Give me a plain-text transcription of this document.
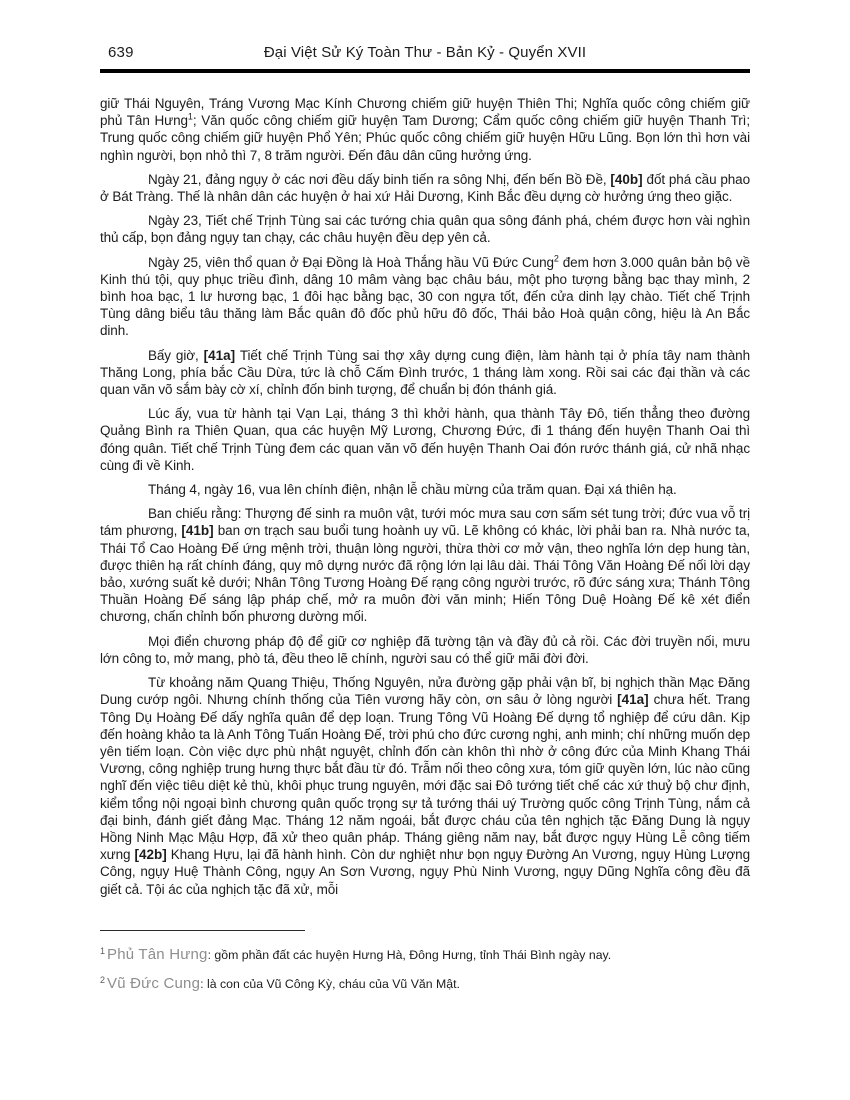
639	Đại Việt Sử Ký Toàn Thư - Bản Kỷ - Quyển XVII

giữ Thái Nguyên, Tráng Vương Mạc Kính Chương chiếm giữ huyện Thiên Thi; Nghĩa quốc công chiếm giữ phủ Tân Hưng$^1$; Văn quốc công chiếm giữ huyện Tam Dương; Cẩm quốc công chiếm giữ huyện Thanh Trì; Trung quốc công chiếm giữ huyện Phổ Yên; Phúc quốc công chiếm giữ huyện Hữu Lũng. Bọn lớn thì hơn vài nghìn người, bọn nhỏ thì 7, 8 trăm người. Đến đâu dân cũng hưởng ứng.

Ngày 21, đảng ngụy ở các nơi đều dấy binh tiến ra sông Nhị, đến bến Bồ Đề, [40b] đốt phá cầu phao ở Bát Tràng. Thế là nhân dân các huyện ở hai xứ Hải Dương, Kinh Bắc đều dựng cờ hưởng ứng theo giặc.

Ngày 23, Tiết chế Trịnh Tùng sai các tướng chia quân qua sông đánh phá, chém được hơn vài nghìn thủ cấp, bọn đảng ngụy tan chạy, các châu huyện đều dẹp yên cả.

Ngày 25, viên thổ quan ở Đại Đồng là Hoà Thắng hầu Vũ Đức Cung$^2$ đem hơn 3.000 quân bản bộ về Kinh thú tội, quy phục triều đình, dâng 10 mâm vàng bạc châu báu, một pho tượng bằng bạc thay mình, 2 bình hoa bạc, 1 lư hương bạc, 1 đôi hạc bằng bạc, 30 con ngựa tốt, đến cửa dinh lạy chào. Tiết chế Trịnh Tùng dâng biểu tâu thăng làm Bắc quân đô đốc phủ hữu đô đốc, Thái bảo Hoà quận công, hiệu là An Bắc dinh.

Bấy giờ, [41a] Tiết chế Trịnh Tùng sai thợ xây dựng cung điện, làm hành tại ở phía tây nam thành Thăng Long, phía bắc Cầu Dừa, tức là chỗ Cấm Đình trước, 1 tháng làm xong. Rồi sai các đại thần và các quan văn võ sắm bày cờ xí, chỉnh đốn binh tượng, để chuẩn bị đón thánh giá.

Lúc ấy, vua từ hành tại Vạn Lại, tháng 3 thì khởi hành, qua thành Tây Đô, tiến thẳng theo đường Quảng Bình ra Thiên Quan, qua các huyện Mỹ Lương, Chương Đức, đi 1 tháng đến huyện Thanh Oai thì đóng quân. Tiết chế Trịnh Tùng đem các quan văn võ đến huyện Thanh Oai đón rước thánh giá, cử nhã nhạc cùng đi về Kinh.

Tháng 4, ngày 16, vua lên chính điện, nhận lễ chầu mừng của trăm quan. Đại xá thiên hạ.

Ban chiếu rằng: Thượng đế sinh ra muôn vật, tưới móc mưa sau cơn sấm sét tung trời; đức vua vỗ trị tám phương, [41b] ban ơn trạch sau buổi tung hoành uy vũ. Lẽ không có khác, lời phải ban ra. Nhà nước ta, Thái Tổ Cao Hoàng Đế ứng mệnh trời, thuận lòng người, thừa thời cơ mở vận, theo nghĩa lớn dẹp hung tàn, được thiên hạ rất chính đáng, quy mô dựng nước đã rộng lớn lại lâu dài. Thái Tông Văn Hoàng Đế nối lời dạy bảo, xướng suất kẻ dưới; Nhân Tông Tương Hoàng Đế rạng công người trước, rõ đức sáng xưa; Thánh Tông Thuần Hoàng Đế sáng lập pháp chế, mở ra muôn đời văn minh; Hiến Tông Duệ Hoàng Đế kê xét điển chương, chấn chỉnh bốn phương dường mối.

Mọi điển chương pháp độ để giữ cơ nghiệp đã tường tận và đầy đủ cả rồi. Các đời truyền nối, mưu lớn công to, mở mang, phò tá, đều theo lẽ chính, người sau có thể giữ mãi đời đời.

Từ khoảng năm Quang Thiệu, Thống Nguyên, nửa đường gặp phải vận bĩ, bị nghịch thần Mạc Đăng Dung cướp ngôi. Nhưng chính thống của Tiên vương hãy còn, ơn sâu ở lòng người [41a] chưa hết. Trang Tông Dụ Hoàng Đế dấy nghĩa quân để dẹp loạn. Trung Tông Vũ Hoàng Đế dựng tổ nghiệp để cứu dân. Kịp đến hoàng khảo ta là Anh Tông Tuấn Hoàng Đế, trời phú cho đức cương nghị, anh minh; chí những muốn dẹp yên tiếm loạn. Còn việc dực phù nhật nguyệt, chỉnh đốn càn khôn thì nhờ ở công đức của Minh Khang Thái Vương, công nghiệp trung hưng thực bắt đầu từ đó. Trẫm nối theo công xưa, tóm giữ quyền lớn, lúc nào cũng nghĩ đến việc tiêu diệt kẻ thù, khôi phục trung nguyên, mới đặc sai Đô tướng tiết chế các xứ thuỷ bộ chư định, kiểm tổng nội ngoại bình chương quân quốc trọng sự tả tướng thái uý Trường quốc công Trịnh Tùng, nắm cả đại binh, đánh giết đảng Mạc. Tháng 12 năm ngoái, bắt được cháu của tên nghịch tặc Đăng Dung là ngụy Hồng Ninh Mạc Mậu Hợp, đã xử theo quân pháp. Tháng giêng năm nay, bắt được ngụy Hùng Lễ công tiếm xưng [42b] Khang Hựu, lại đã hành hình. Còn dư nghiệt như bọn ngụy Đường An Vương, ngụy Hùng Lượng Công, ngụy Huệ Thành Công, ngụy An Sơn Vương, ngụy Phù Ninh Vương, ngụy Dũng Nghĩa công đều đã giết cả. Tội ác của nghịch tặc đã xử, mỗi

$^1$ Phủ Tân Hưng: gồm phần đất các huyện Hưng Hà, Đông Hưng, tỉnh Thái Bình ngày nay.
$^2$ Vũ Đức Cung: là con của Vũ Công Kỳ, cháu của Vũ Văn Mật.
